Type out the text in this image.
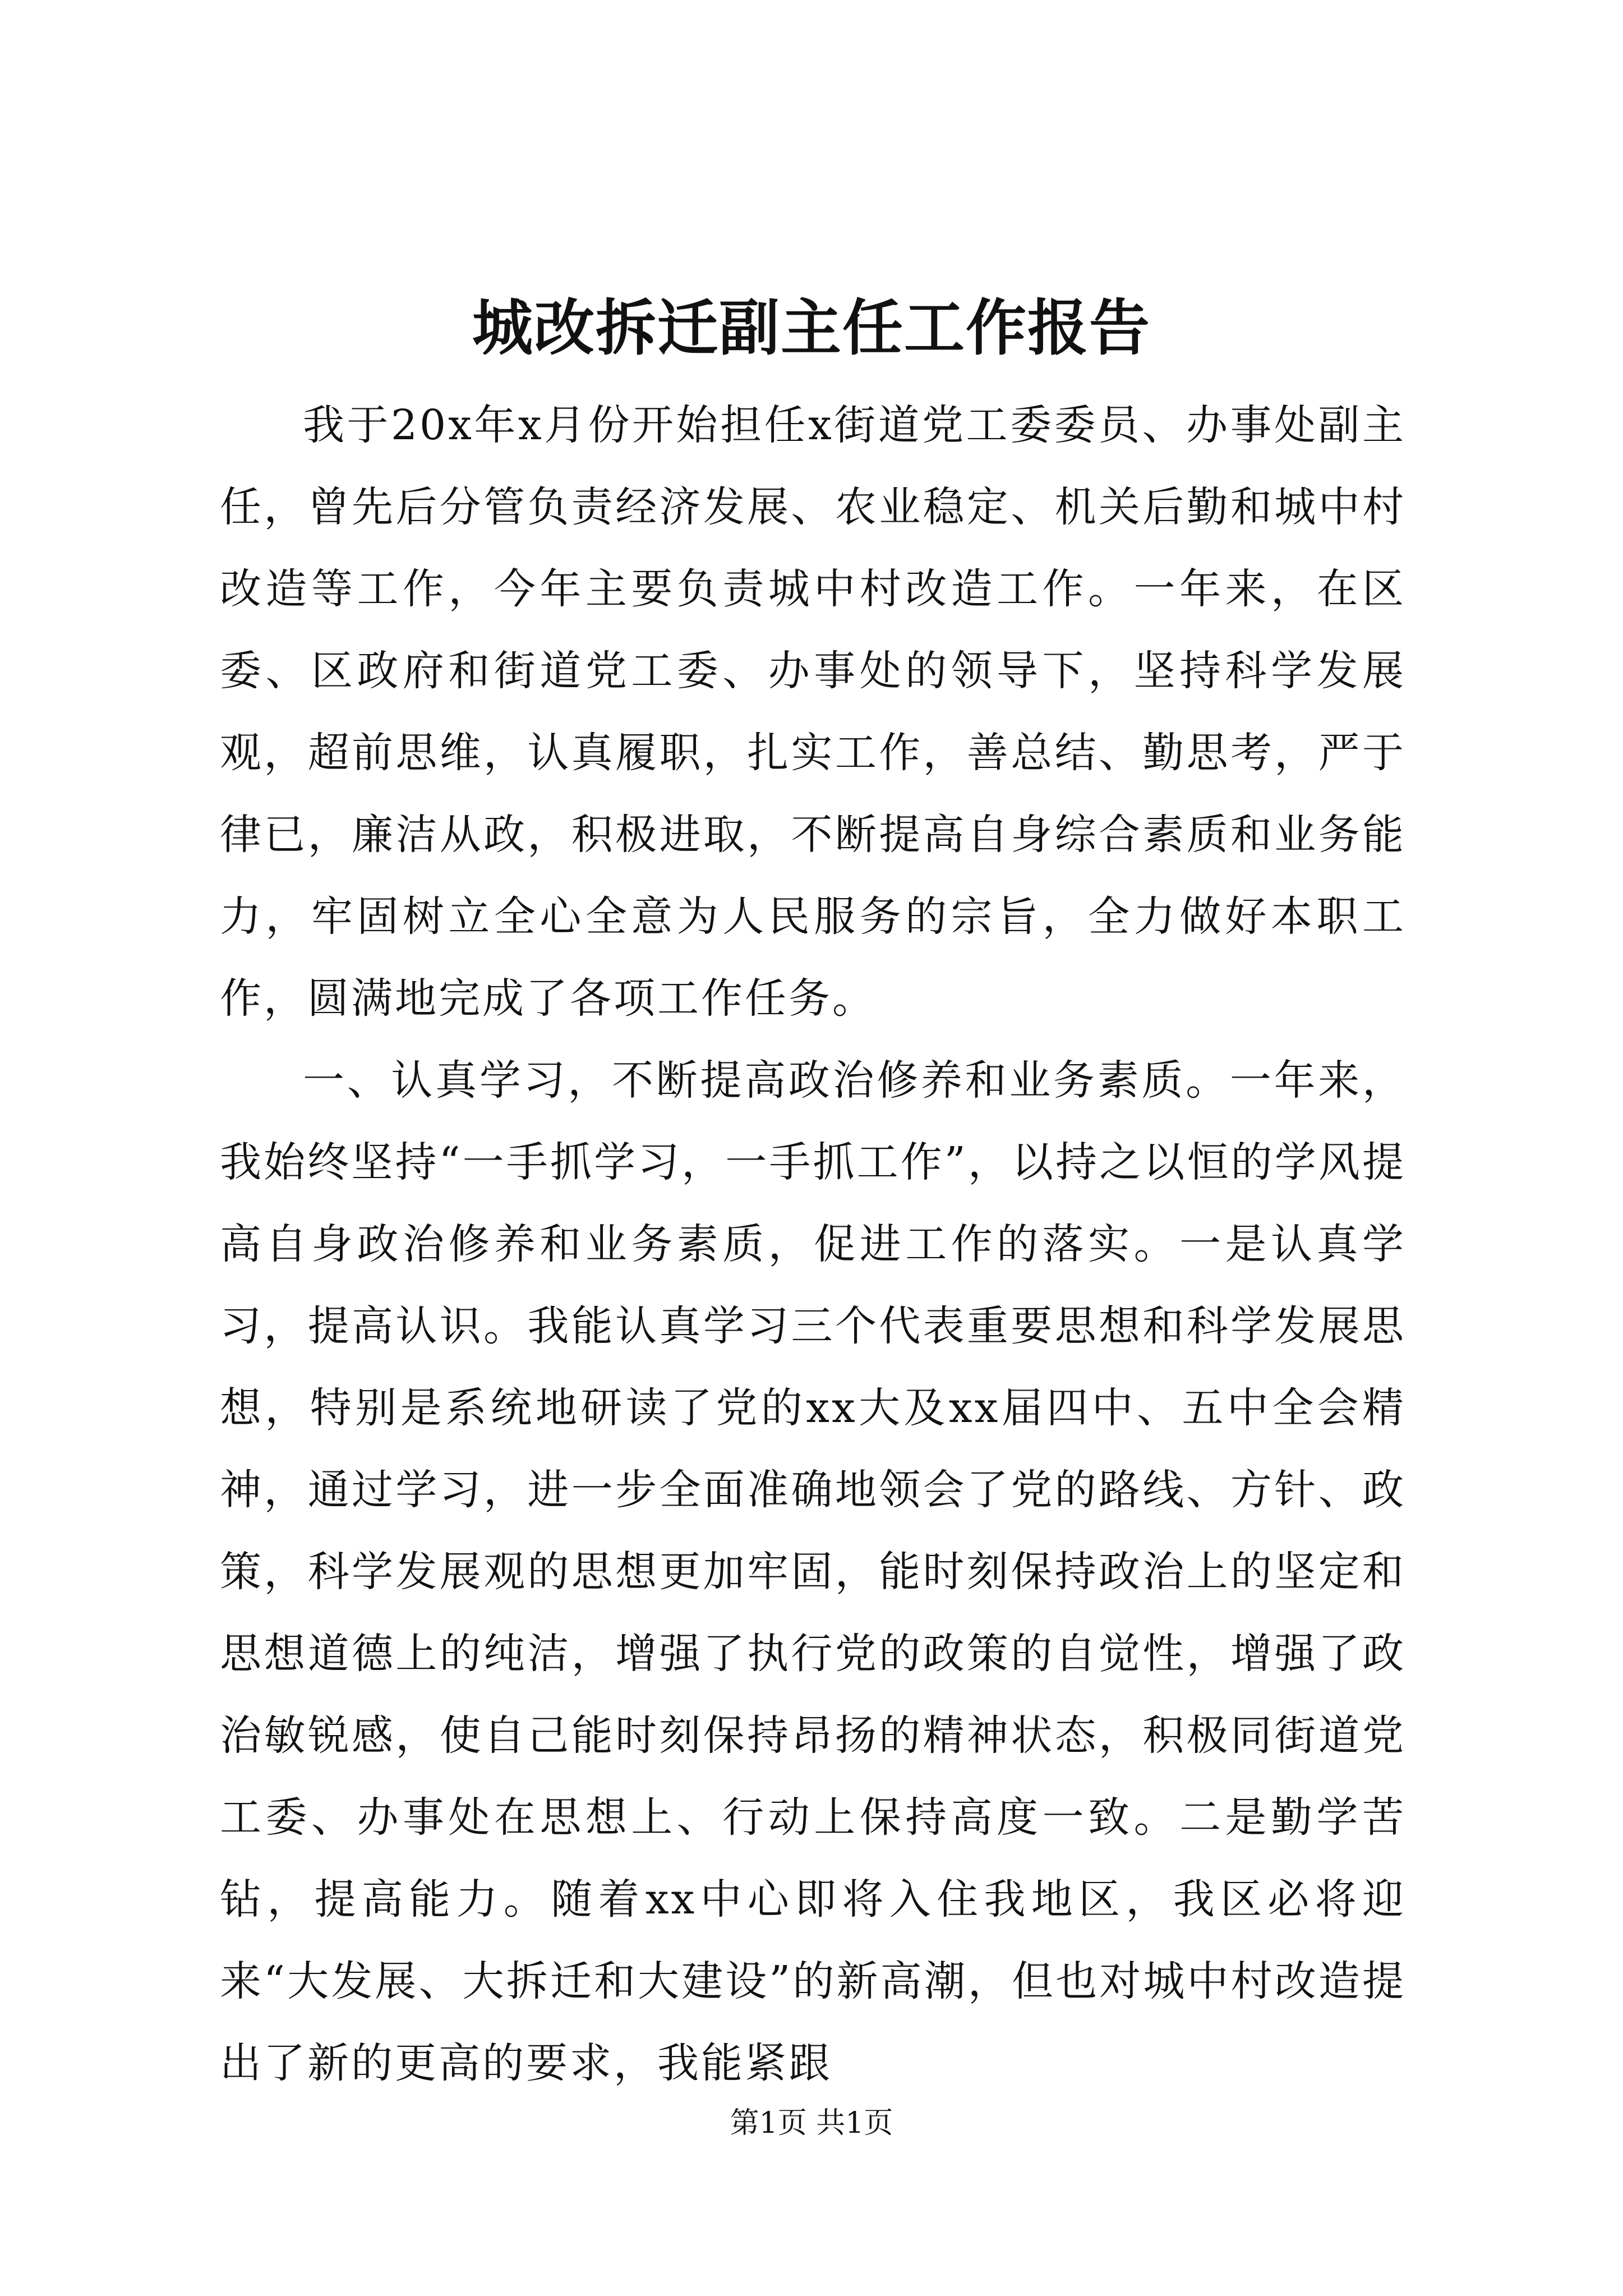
城改拆迁副主任工作报告

我于20x年x月份开始担任x街道党工委委员、办事处副主任，曾先后分管负责经济发展、农业稳定、机关后勤和城中村改造等工作，今年主要负责城中村改造工作。一年来，在区委、区政府和街道党工委、办事处的领导下，坚持科学发展观，超前思维，认真履职，扎实工作，善总结、勤思考，严于律已，廉洁从政，积极进取，不断提高自身综合素质和业务能力，牢固树立全心全意为人民服务的宗旨，全力做好本职工作，圆满地完成了各项工作任务。

一、认真学习，不断提高政治修养和业务素质。一年来，我始终坚持“一手抓学习，一手抓工作”，以持之以恒的学风提高自身政治修养和业务素质，促进工作的落实。一是认真学习，提高认识。我能认真学习三个代表重要思想和科学发展思想，特别是系统地研读了党的xx大及xx届四中、五中全会精神，通过学习，进一步全面准确地领会了党的路线、方针、政策，科学发展观的思想更加牢固，能时刻保持政治上的坚定和思想道德上的纯洁，增强了执行党的政策的自觉性，增强了政治敏锐感，使自己能时刻保持昂扬的精神状态，积极同街道党工委、办事处在思想上、行动上保持高度一致。二是勤学苦钻，提高能力。随着xx中心即将入住我地区，我区必将迎来“大发展、大拆迁和大建设”的新高潮，但也对城中村改造提出了新的更高的要求，我能紧跟

第1页 共1页
